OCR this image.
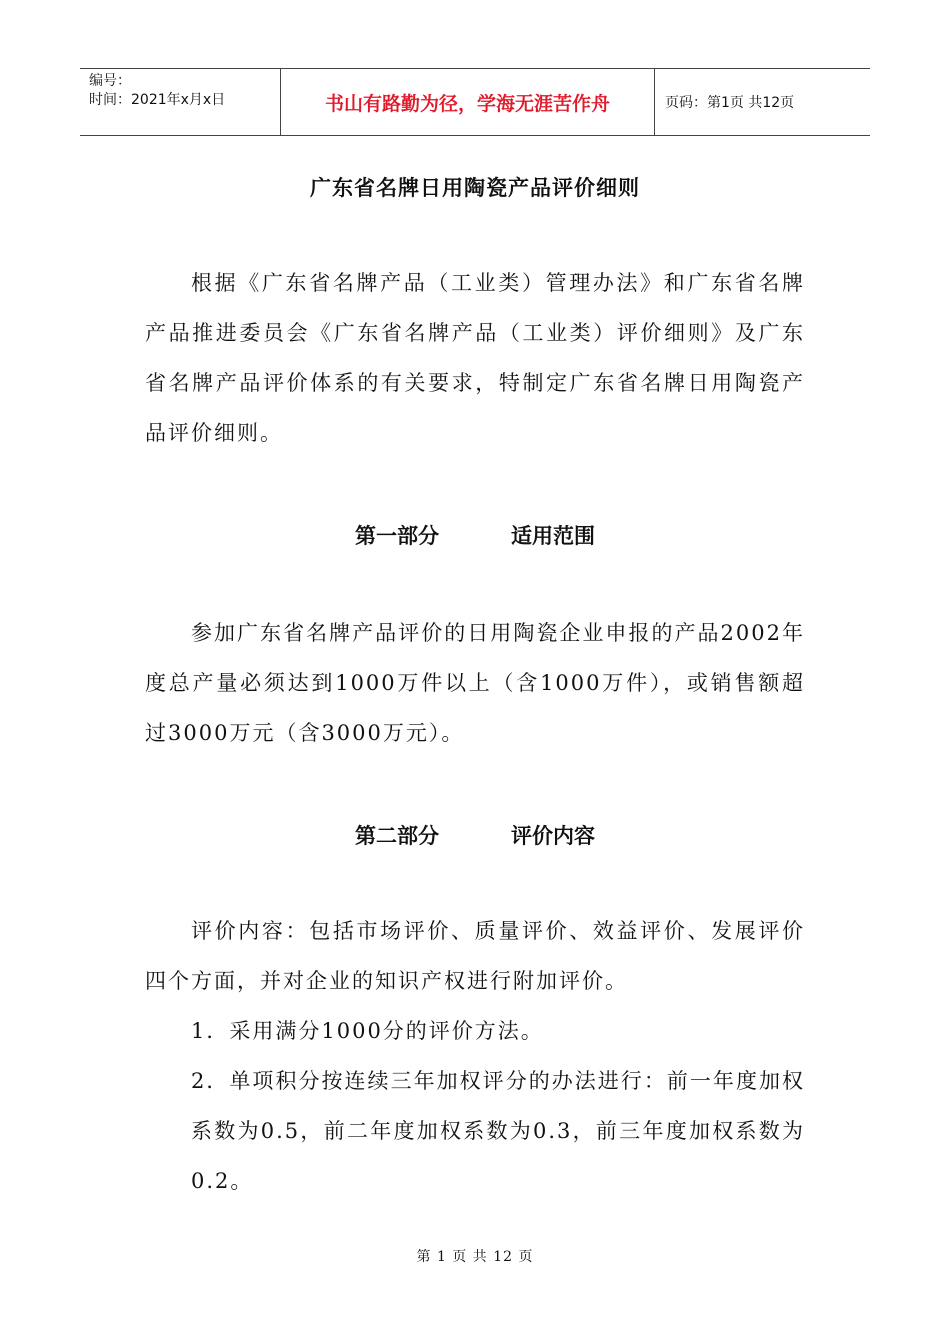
编号：
时间：2021年x月x日	书山有路勤为径，学海无涯苦作舟	页码：第1页 共12页
广东省名牌日用陶瓷产品评价细则
根据《广东省名牌产品（工业类）管理办法》和广东省名牌产品推进委员会《广东省名牌产品（工业类）评价细则》及广东省名牌产品评价体系的有关要求，特制定广东省名牌日用陶瓷产品评价细则。
第一部分	适用范围
参加广东省名牌产品评价的日用陶瓷企业申报的产品2002年度总产量必须达到1000万件以上（含1000万件），或销售额超过3000万元（含3000万元）。
第二部分	评价内容
评价内容：包括市场评价、质量评价、效益评价、发展评价四个方面，并对企业的知识产权进行附加评价。
1．采用满分1000分的评价方法。
2．单项积分按连续三年加权评分的办法进行：前一年度加权系数为0.5，前二年度加权系数为0.3，前三年度加权系数为0.2。
第 1 页 共 12 页
